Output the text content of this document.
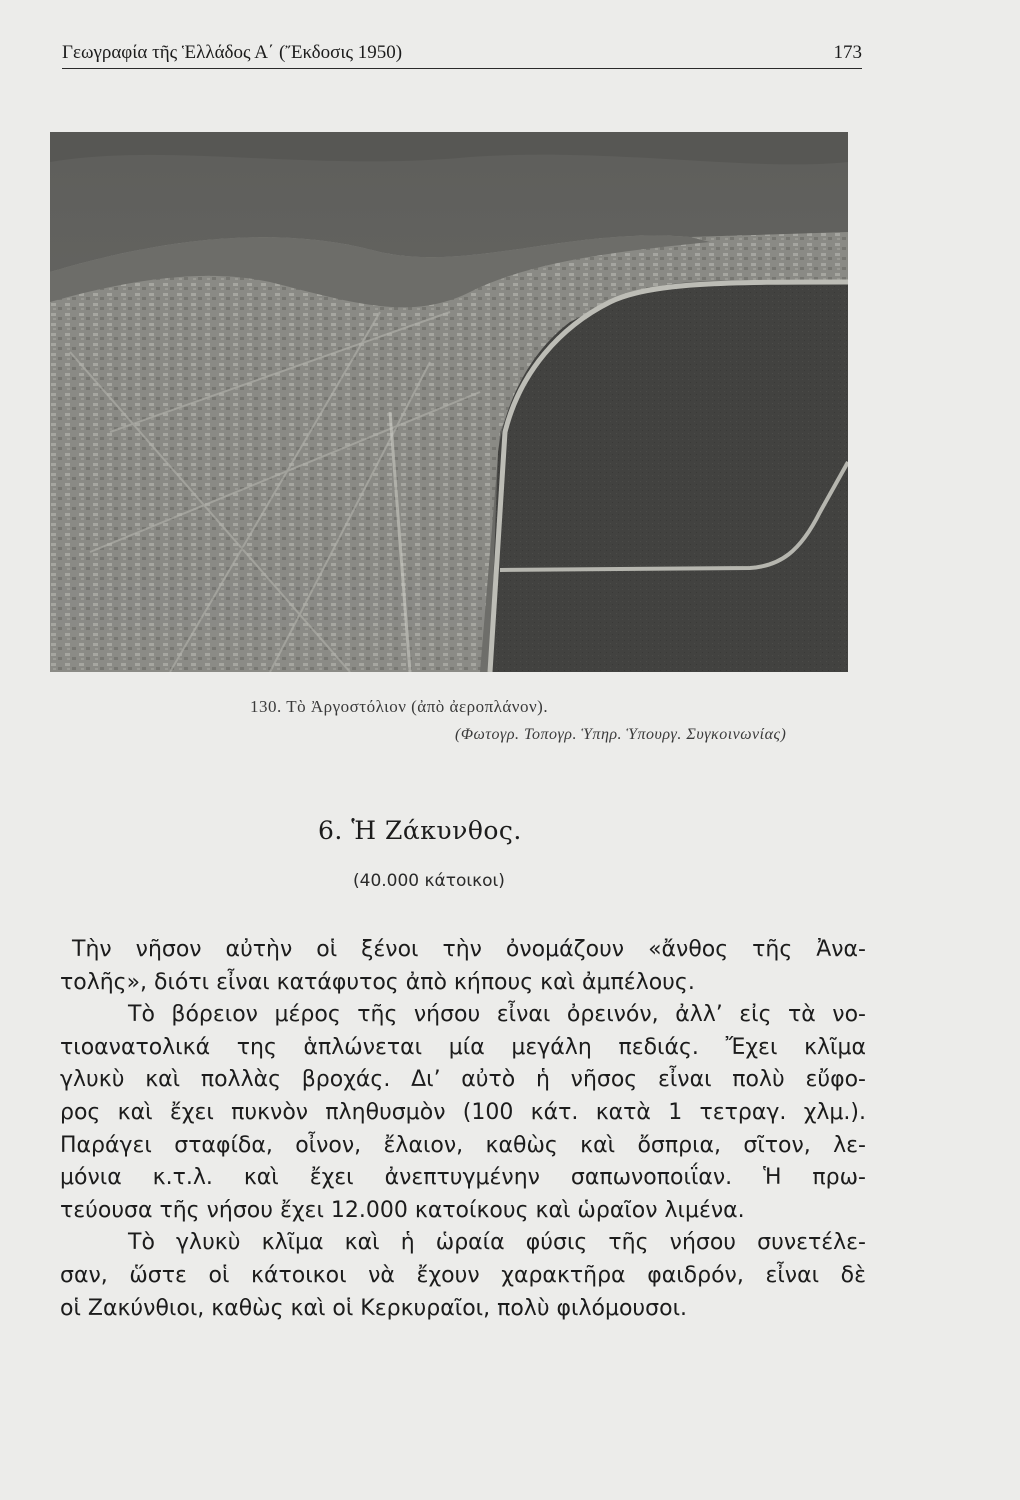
Γεωγραφία τῆς Ἑλλάδος Α΄ (Ἔκδοσις 1950)	173
130. Τὸ Ἀργοστόλιον (ἀπὸ ἀεροπλάνον).
(Φωτογρ. Τοπογρ. Ὑπηρ. Ὑπουργ. Συγκοινωνίας)
6. Ἡ Ζάκυνθος.
(40.000 κάτοικοι)
Τὴν νῆσον αὐτὴν οἱ ξένοι τὴν ὀνομάζουν «ἄνθος τῆς Ἀνα-
τολῆς», διότι εἶναι κατάφυτος ἀπὸ κήπους καὶ ἀμπέλους.
Τὸ βόρειον μέρος τῆς νήσου εἶναι ὀρεινόν, ἀλλ’ εἰς τὰ νο-
τιοανατολικά της ἁπλώνεται μία μεγάλη πεδιάς. Ἔχει κλῖμα
γλυκὺ καὶ πολλὰς βροχάς. Δι’ αὐτὸ ἡ νῆσος εἶναι πολὺ εὔφο-
ρος καὶ ἔχει πυκνὸν πληθυσμὸν (100 κάτ. κατὰ 1 τετραγ. χλμ.).
Παράγει σταφίδα, οἶνον, ἔλαιον, καθὼς καὶ ὄσπρια, σῖτον, λε-
μόνια κ.τ.λ. καὶ ἔχει ἀνεπτυγμένην σαπωνοποιΐαν. Ἡ πρω-
τεύουσα τῆς νήσου ἔχει 12.000 κατοίκους καὶ ὡραῖον λιμένα.
Τὸ γλυκὺ κλῖμα καὶ ἡ ὡραία φύσις τῆς νήσου συνετέλε-
σαν, ὥστε οἱ κάτοικοι νὰ ἔχουν χαρακτῆρα φαιδρόν, εἶναι δὲ
οἱ Ζακύνθιοι, καθὼς καὶ οἱ Κερκυραῖοι, πολὺ φιλόμουσοι.
